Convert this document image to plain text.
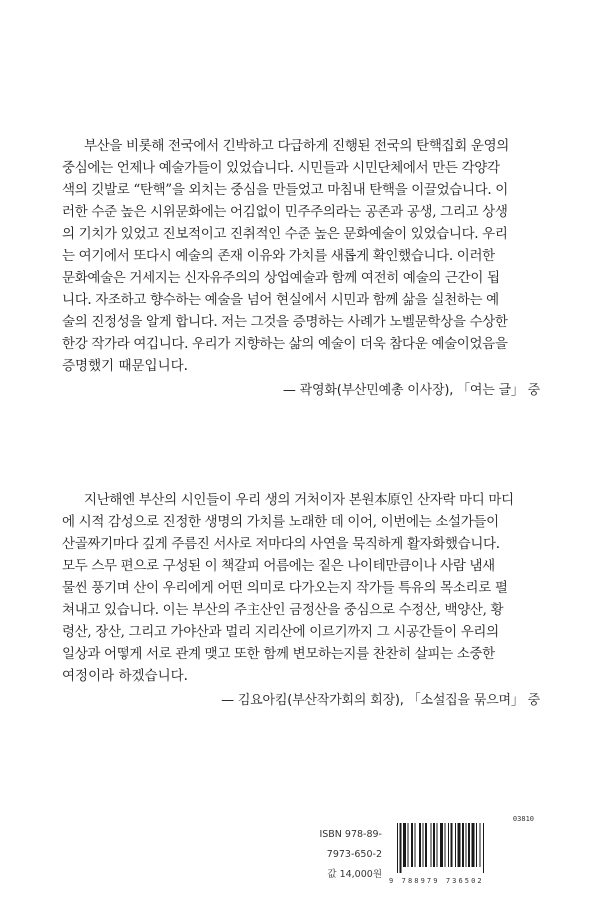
부산을 비롯해 전국에서 긴박하고 다급하게 진행된 전국의 탄핵집회 운영의
중심에는 언제나 예술가들이 있었습니다. 시민들과 시민단체에서 만든 각양각
색의 깃발로 “탄핵”을 외치는 중심을 만들었고 마침내 탄핵을 이끌었습니다. 이
러한 수준 높은 시위문화에는 어김없이 민주주의라는 공존과 공생, 그리고 상생
의 기치가 있었고 진보적이고 진취적인 수준 높은 문화예술이 있었습니다. 우리
는 여기에서 또다시 예술의 존재 이유와 가치를 새롭게 확인했습니다. 이러한
문화예술은 거세지는 신자유주의의 상업예술과 함께 여전히 예술의 근간이 됩
니다. 자조하고 향수하는 예술을 넘어 현실에서 시민과 함께 삶을 실천하는 예
술의 진정성을 알게 합니다. 저는 그것을 증명하는 사례가 노벨문학상을 수상한
한강 작가라 여깁니다. 우리가 지향하는 삶의 예술이 더욱 참다운 예술이었음을
증명했기 때문입니다.
— 곽영화(부산민예총 이사장), 「여는 글」 중
지난해엔 부산의 시인들이 우리 생의 거처이자 본원本原인 산자락 마디 마디
에 시적 감성으로 진정한 생명의 가치를 노래한 데 이어, 이번에는 소설가들이
산골짜기마다 깊게 주름진 서사로 저마다의 사연을 묵직하게 활자화했습니다.
모두 스무 편으로 구성된 이 책갈피 어름에는 짙은 나이테만큼이나 사람 냄새
물씬 풍기며 산이 우리에게 어떤 의미로 다가오는지 작가들 특유의 목소리로 펼
쳐내고 있습니다. 이는 부산의 주主산인 금정산을 중심으로 수정산, 백양산, 황
령산, 장산, 그리고 가야산과 멀리 지리산에 이르기까지 그 시공간들이 우리의
일상과 어떻게 서로 관계 맺고 또한 함께 변모하는지를 찬찬히 살피는 소중한
여정이라 하겠습니다.
— 김요아킴(부산작가회의 회장), 「소설집을 묶으며」 중
ISBN 978-89-7973-650-2
값 14,000원
03810
9 788979 736502
